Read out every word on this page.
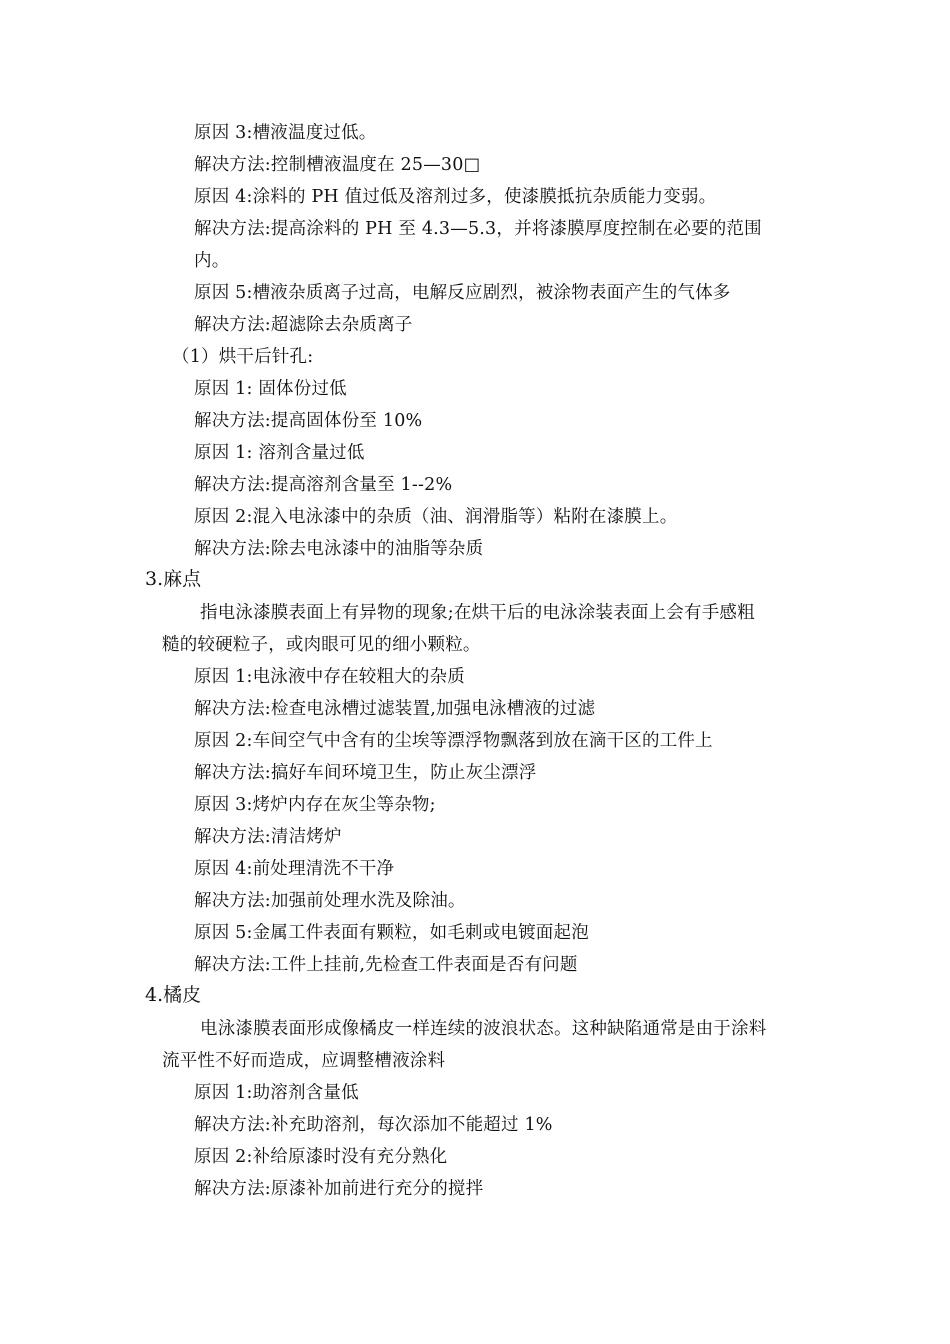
原因 3:槽液温度过低。
解决方法:控制槽液温度在 25—30□
原因 4:涂料的 PH 值过低及溶剂过多，使漆膜抵抗杂质能力变弱。
解决方法:提高涂料的 PH 至 4.3—5.3，并将漆膜厚度控制在必要的范围
内。
原因 5:槽液杂质离子过高，电解反应剧烈，被涂物表面产生的气体多
解决方法:超滤除去杂质离子
（1）烘干后针孔:
原因 1: 固体份过低
解决方法:提高固体份至 10%
原因 1: 溶剂含量过低
解决方法:提高溶剂含量至 1--2%
原因 2:混入电泳漆中的杂质（油、润滑脂等）粘附在漆膜上。
解决方法:除去电泳漆中的油脂等杂质
3.麻点
指电泳漆膜表面上有异物的现象;在烘干后的电泳涂装表面上会有手感粗
糙的较硬粒子，或肉眼可见的细小颗粒。
原因 1:电泳液中存在较粗大的杂质
解决方法:检查电泳槽过滤装置,加强电泳槽液的过滤
原因 2:车间空气中含有的尘埃等漂浮物飘落到放在滴干区的工件上
解决方法:搞好车间环境卫生，防止灰尘漂浮
原因 3:烤炉内存在灰尘等杂物;
解决方法:清洁烤炉
原因 4:前处理清洗不干净
解决方法:加强前处理水洗及除油。
原因 5:金属工件表面有颗粒，如毛刺或电镀面起泡
解决方法:工件上挂前,先检查工件表面是否有问题
4.橘皮
电泳漆膜表面形成像橘皮一样连续的波浪状态。这种缺陷通常是由于涂料
流平性不好而造成，应调整槽液涂料
原因 1:助溶剂含量低
解决方法:补充助溶剂，每次添加不能超过 1%
原因 2:补给原漆时没有充分熟化
解决方法:原漆补加前进行充分的搅拌
